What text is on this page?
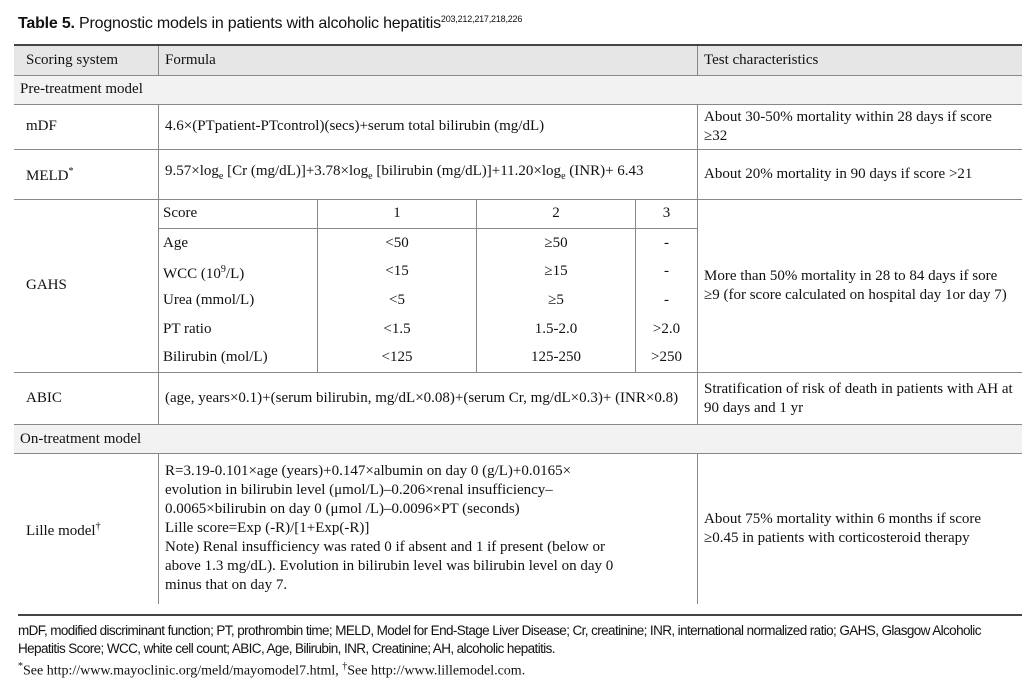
Table 5. Prognostic models in patients with alcoholic hepatitis$^{203,212,217,218,226}$
Scoring system	Formula	Test characteristics
Pre-treatment model
mDF	4.6×(PTpatient-PTcontrol)(secs)+serum total bilirubin (mg/dL)	About 30-50% mortality within 28 days if score ≥32
MELD*	$9.57\times\log_e$ [Cr $(mg/dL)]+3.78\times\log_e$ [bilirubin $(mg/dL)]+11.20\times\log_e$ (INR)+ 6.43	About 20% mortality in 90 days if score >21
GAHS	
Score	1	2	3
Age	<50	≥50	-
WCC $(10^9/L)$	<15	≥15	-
Urea (mmol/L)	<5	≥5	-
PT ratio	<1.5	1.5-2.0	>2.0
Bilirubin (mol/L)	<125	125-250	>250
	More than 50% mortality in 28 to 84 days if sore ≥9 (for score calculated on hospital day 1or day 7)
ABIC	(age, years×0.1)+(serum bilirubin, mg/dL×0.08)+(serum Cr, mg/dL×0.3)+ (INR×0.8)	Stratification of risk of death in patients with AH at 90 days and 1 yr
On-treatment model
Lille model†	
R=3.19-0.101×age (years)+0.147×albumin on day 0 (g/L)+0.0165×
evolution in bilirubin level (μmol/L)‒0.206×renal insufficiency‒
0.0065×bilirubin on day 0 (μmol /L)‒0.0096×PT (seconds)
Lille score=Exp (-R)/[1+Exp(-R)]
Note) Renal insufficiency was rated 0 if absent and 1 if present (below or
above 1.3 mg/dL). Evolution in bilirubin level was bilirubin level on day 0
minus that on day 7.
	About 75% mortality within 6 months if score ≥0.45 in patients with corticosteroid therapy
mDF, modified discriminant function; PT, prothrombin time; MELD, Model for End-Stage Liver Disease; Cr, creatinine; INR, international normalized ratio; GAHS, Glasgow Alcoholic Hepatitis Score; WCC, white cell count; ABIC, Age, Bilirubin, INR, Creatinine; AH, alcoholic hepatitis.
*See http://www.mayoclinic.org/meld/mayomodel7.html, †See http://www.lillemodel.com.
